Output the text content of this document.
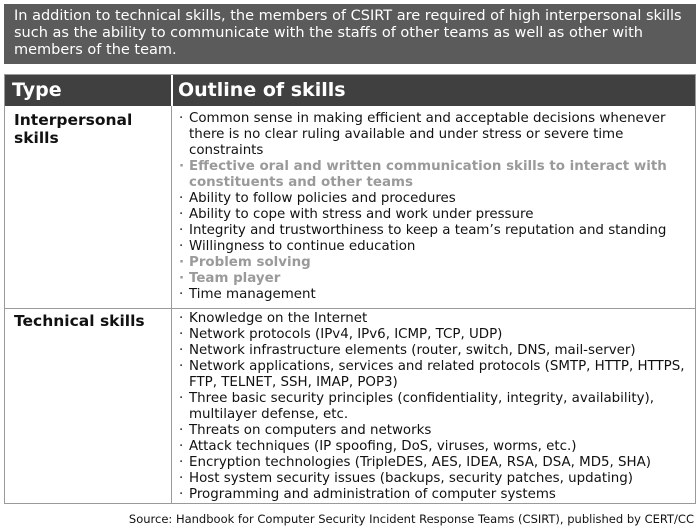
In addition to technical skills, the members of CSIRT are required of high interpersonal skills such as the ability to communicate with the staffs of other teams as well as other with members of the team.
Type	Outline of skills
Interpersonal skills
· Common sense in making efficient and acceptable decisions whenever there is no clear ruling available and under stress or severe time constraints
· Effective oral and written communication skills to interact with constituents and other teams
· Ability to follow policies and procedures
· Ability to cope with stress and work under pressure
· Integrity and trustworthiness to keep a team’s reputation and standing
· Willingness to continue education
· Problem solving
· Team player
· Time management
Technical skills	· Knowledge on the Internet
· Network protocols (IPv4, IPv6, ICMP, TCP, UDP)
· Network infrastructure elements (router, switch, DNS, mail-server)
· Network applications, services and related protocols (SMTP, HTTP, HTTPS, FTP, TELNET, SSH, IMAP, POP3)
· Three basic security principles (confidentiality, integrity, availability), multilayer defense, etc.
· Threats on computers and networks
· Attack techniques (IP spoofing, DoS, viruses, worms, etc.)
· Encryption technologies (TripleDES, AES, IDEA, RSA, DSA, MD5, SHA)
· Host system security issues (backups, security patches, updating)
· Programming and administration of computer systems
Source: Handbook for Computer Security Incident Response Teams (CSIRT), published by CERT/CC
